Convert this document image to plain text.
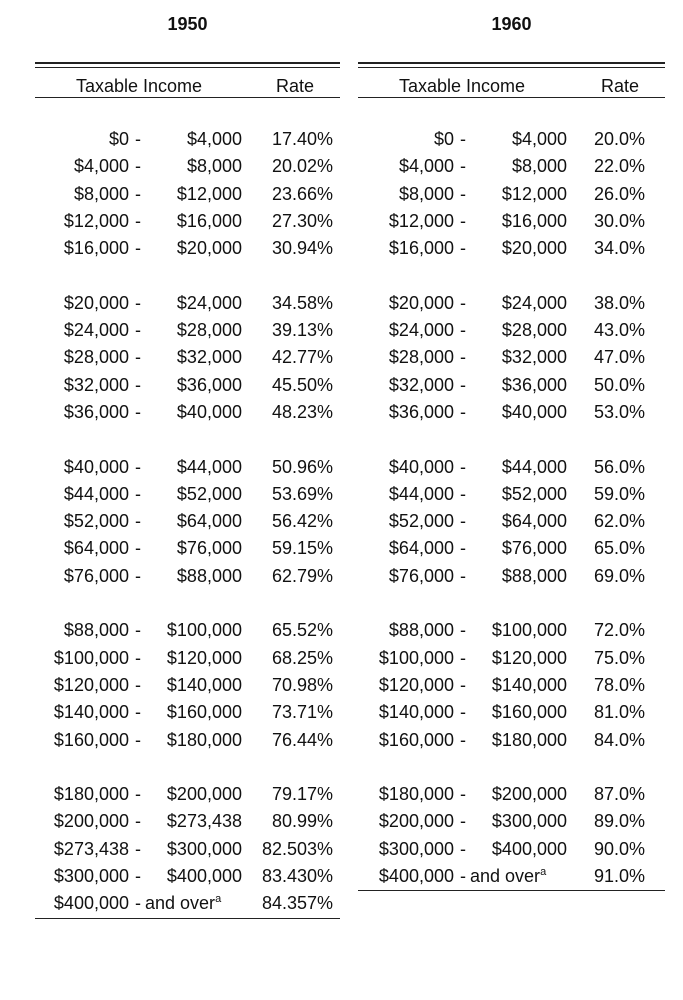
1950
Taxable Income	Rate
$0 -	$4,000	17.40%
$4,000 -	$8,000	20.02%
$8,000 -	$12,000	23.66%
$12,000 -	$16,000	27.30%
$16,000 -	$20,000	30.94%
$20,000 -	$24,000	34.58%
$24,000 -	$28,000	39.13%
$28,000 -	$32,000	42.77%
$32,000 -	$36,000	45.50%
$36,000 -	$40,000	48.23%
$40,000 -	$44,000	50.96%
$44,000 -	$52,000	53.69%
$52,000 -	$64,000	56.42%
$64,000 -	$76,000	59.15%
$76,000 -	$88,000	62.79%
$88,000 -	$100,000	65.52%
$100,000 -	$120,000	68.25%
$120,000 -	$140,000	70.98%
$140,000 -	$160,000	73.71%
$160,000 -	$180,000	76.44%
$180,000 -	$200,000	79.17%
$200,000 -	$273,438	80.99%
$273,438 -	$300,000	82.503%
$300,000 -	$400,000	83.430%
$400,000 - and over$^a$	84.357%
1960
Taxable Income	Rate
$0 -	$4,000	20.0%
$4,000 -	$8,000	22.0%
$8,000 -	$12,000	26.0%
$12,000 -	$16,000	30.0%
$16,000 -	$20,000	34.0%
$20,000 -	$24,000	38.0%
$24,000 -	$28,000	43.0%
$28,000 -	$32,000	47.0%
$32,000 -	$36,000	50.0%
$36,000 -	$40,000	53.0%
$40,000 -	$44,000	56.0%
$44,000 -	$52,000	59.0%
$52,000 -	$64,000	62.0%
$64,000 -	$76,000	65.0%
$76,000 -	$88,000	69.0%
$88,000 -	$100,000	72.0%
$100,000 -	$120,000	75.0%
$120,000 -	$140,000	78.0%
$140,000 -	$160,000	81.0%
$160,000 -	$180,000	84.0%
$180,000 -	$200,000	87.0%
$200,000 -	$300,000	89.0%
$300,000 -	$400,000	90.0%
$400,000 - and over$^a$	91.0%
